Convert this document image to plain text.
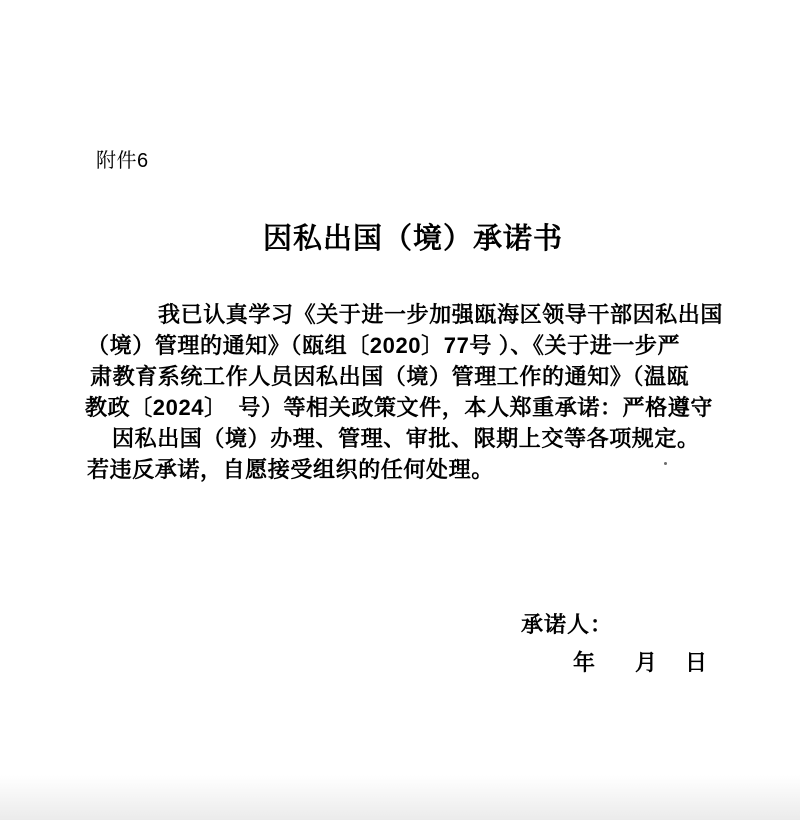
附件6
因私出国（境）承诺书
我已认真学习《关于进一步加强瓯海区领导干部因私出国
（境）管理的通知》（瓯组〔2020〕77号 ）、《关于进一步严
肃教育系统工作人员因私出国（境）管理工作的通知》（温瓯
教政〔2024〕　号）等相关政策文件，本人郑重承诺：严格遵守
因私出国（境）办理、管理、审批、限期上交等各项规定。
若违反承诺，自愿接受组织的任何处理。
承诺人：
年 月 日
